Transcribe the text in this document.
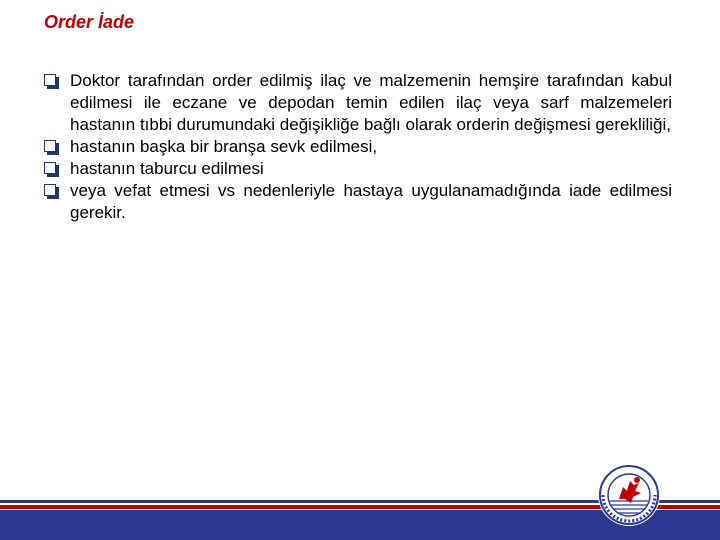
Order İade
Doktor tarafından order edilmiş ilaç ve malzemenin hemşire tarafından kabul edilmesi ile eczane ve depodan temin edilen ilaç veya sarf malzemeleri hastanın tıbbi durumundaki değişikliğe bağlı olarak orderin değişmesi gerekliliği,
hastanın başka bir branşa sevk edilmesi,
hastanın taburcu edilmesi
veya vefat etmesi vs nedenleriyle hastaya uygulanamadığında iade edilmesi gerekir.
